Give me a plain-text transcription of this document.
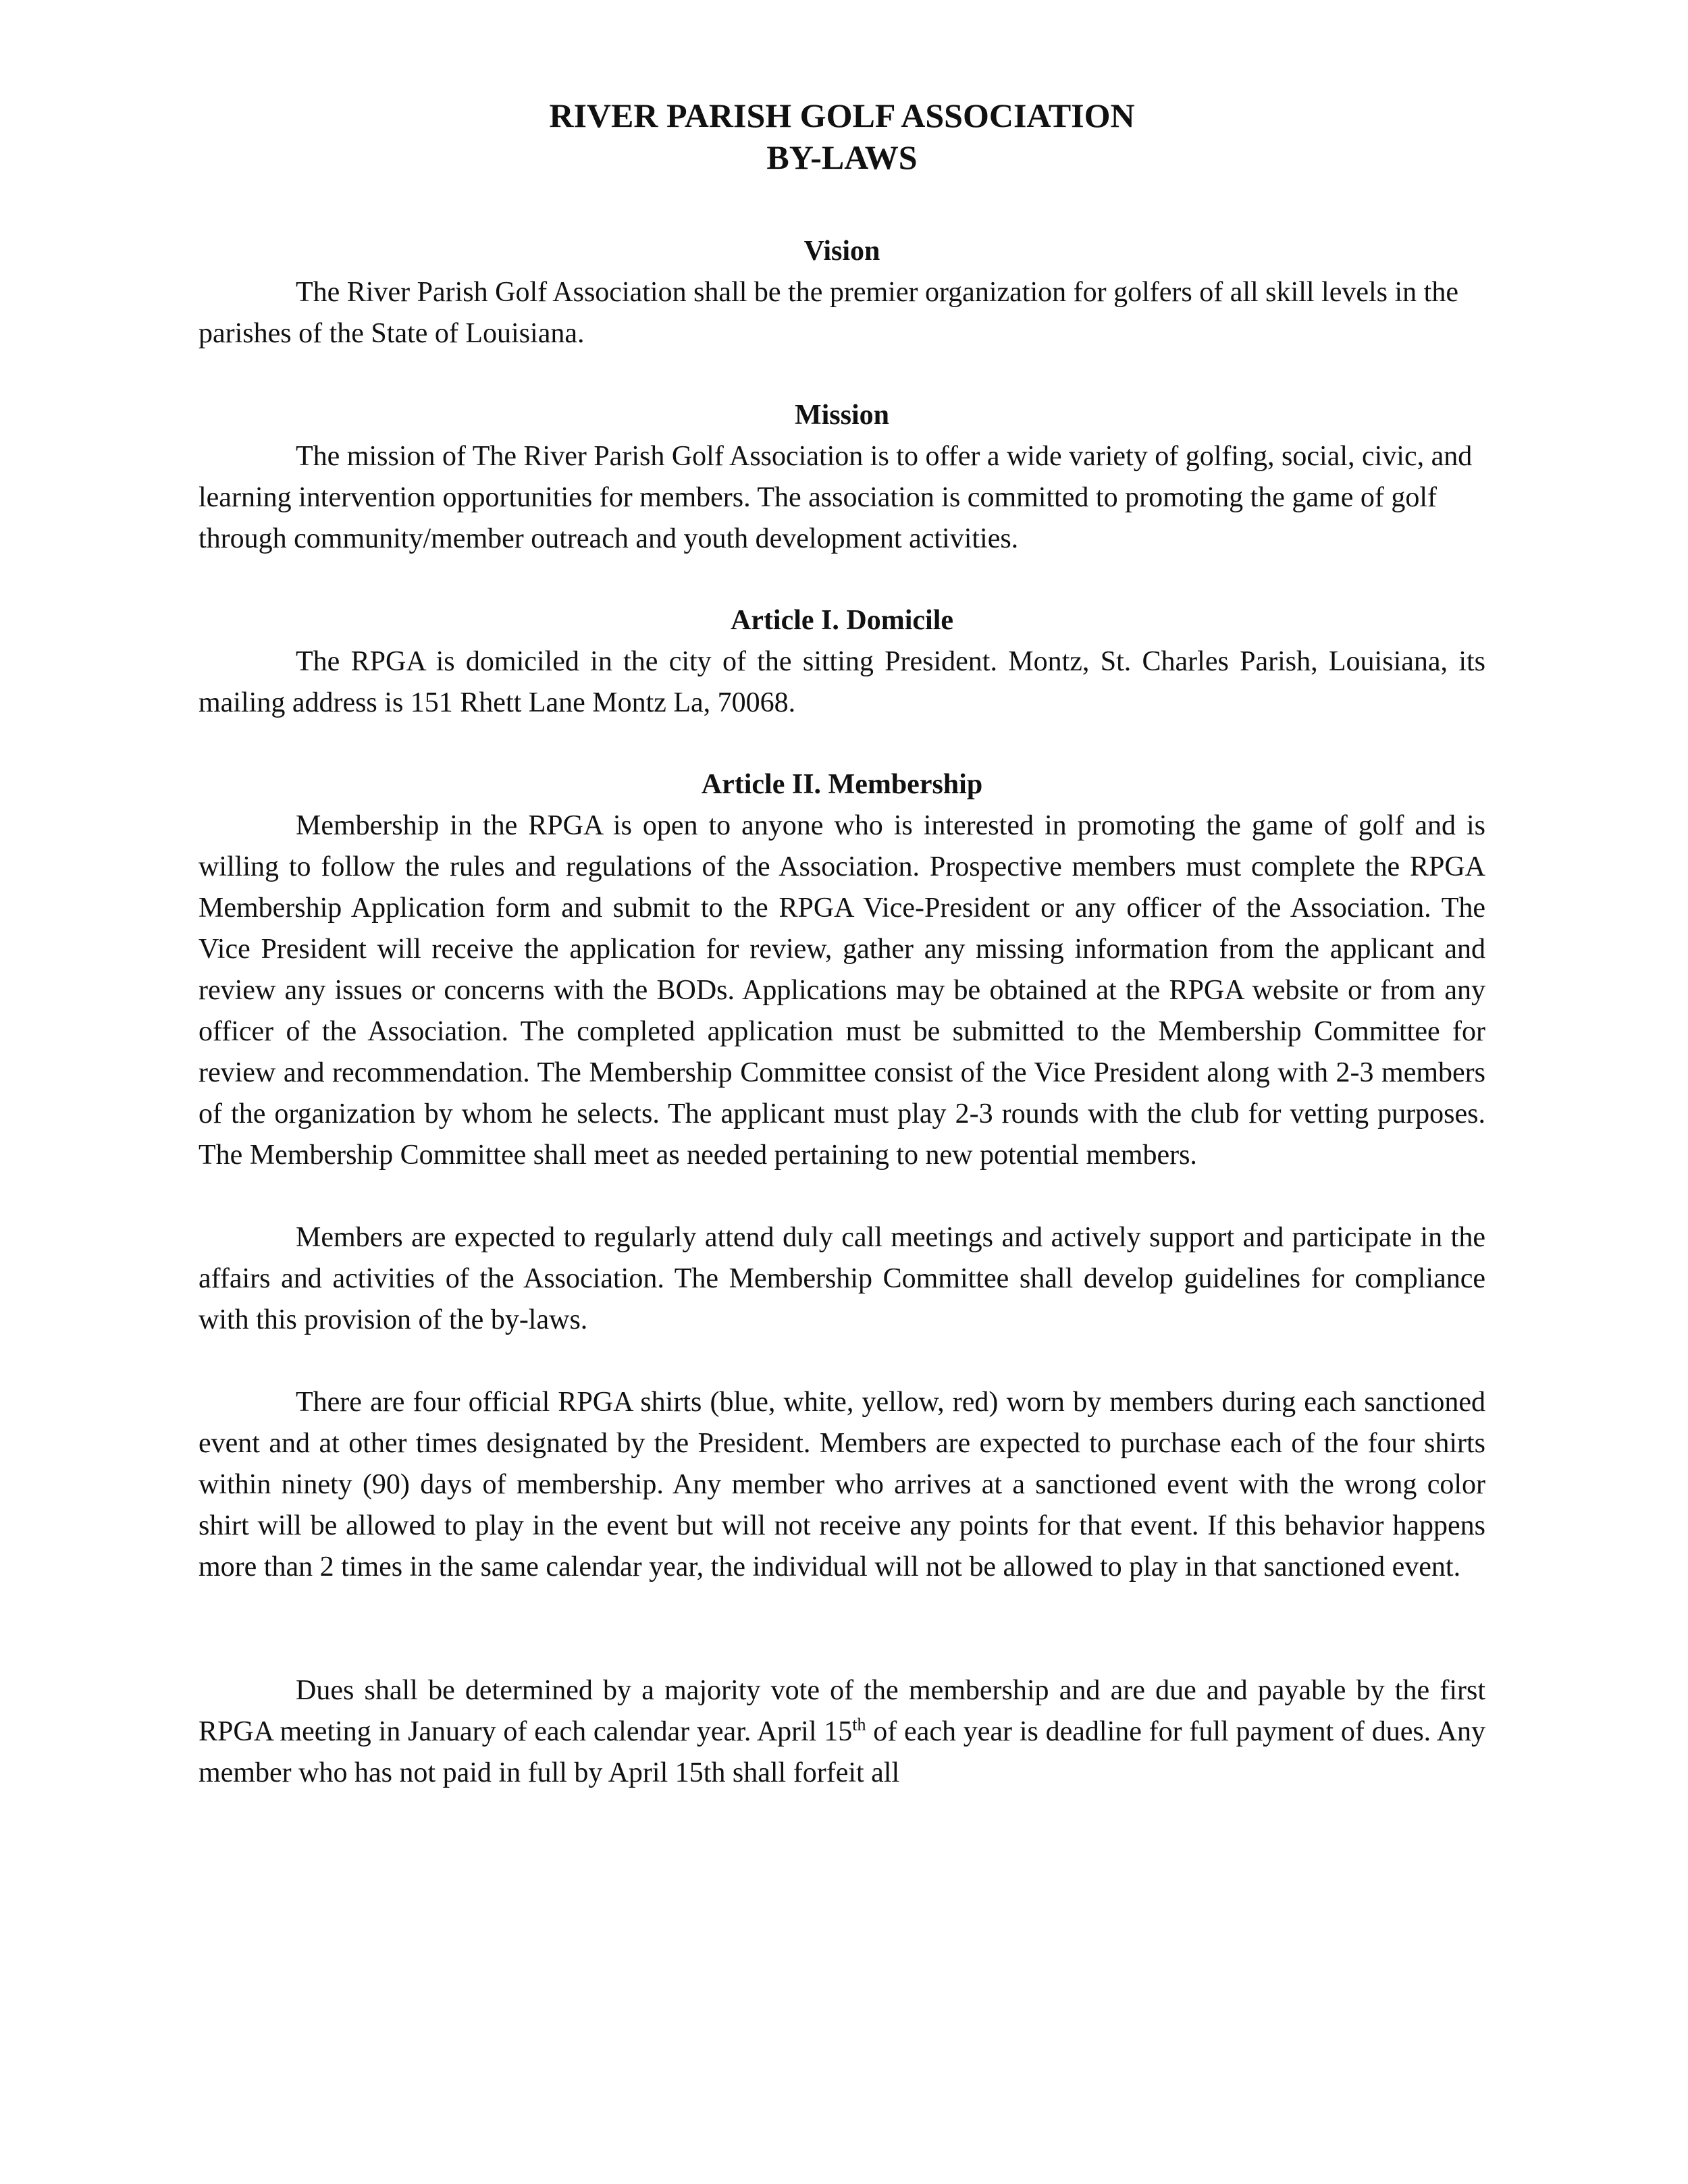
RIVER PARISH GOLF ASSOCIATION
BY-LAWS
Vision

The River Parish Golf Association shall be the premier organization for golfers of all skill levels in the parishes of the State of Louisiana.

Mission

The mission of The River Parish Golf Association is to offer a wide variety of golfing, social, civic, and learning intervention opportunities for members. The association is committed to promoting the game of golf through community/member outreach and youth development activities.

Article I. Domicile

The RPGA is domiciled in the city of the sitting President. Montz, St. Charles Parish, Louisiana, its mailing address is 151 Rhett Lane Montz La, 70068.

Article II. Membership

Membership in the RPGA is open to anyone who is interested in promoting the game of golf and is willing to follow the rules and regulations of the Association. Prospective members must complete the RPGA Membership Application form and submit to the RPGA Vice-President or any officer of the Association. The Vice President will receive the application for review, gather any missing information from the applicant and review any issues or concerns with the BODs. Applications may be obtained at the RPGA website or from any officer of the Association. The completed application must be submitted to the Membership Committee for review and recommendation. The Membership Committee consist of the Vice President along with 2-3 members of the organization by whom he selects. The applicant must play 2-3 rounds with the club for vetting purposes. The Membership Committee shall meet as needed pertaining to new potential members.

Members are expected to regularly attend duly call meetings and actively support and participate in the affairs and activities of the Association. The Membership Committee shall develop guidelines for compliance with this provision of the by-laws.

There are four official RPGA shirts (blue, white, yellow, red) worn by members during each sanctioned event and at other times designated by the President. Members are expected to purchase each of the four shirts within ninety (90) days of membership. Any member who arrives at a sanctioned event with the wrong color shirt will be allowed to play in the event but will not receive any points for that event. If this behavior happens more than 2 times in the same calendar year, the individual will not be allowed to play in that sanctioned event.

Dues shall be determined by a majority vote of the membership and are due and payable by the first RPGA meeting in January of each calendar year. April 15th of each year is deadline for full payment of dues. Any member who has not paid in full by April 15th shall forfeit all
